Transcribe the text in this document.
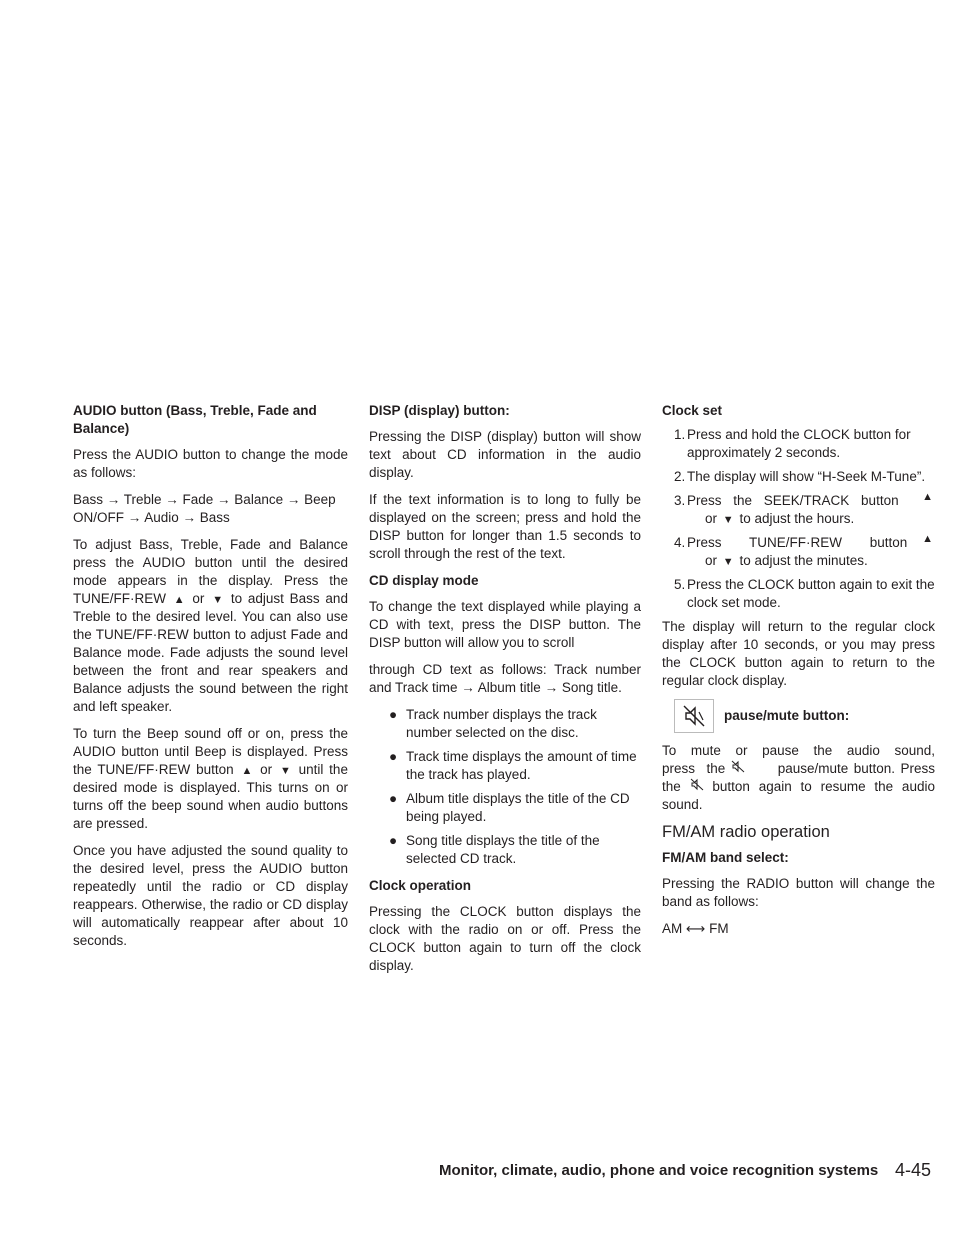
AUDIO button (Bass, Treble, Fade and Balance)

Press the AUDIO button to change the mode as follows:

Bass → Treble → Fade → Balance → Beep ON/OFF → Audio → Bass

To adjust Bass, Treble, Fade and Balance press the AUDIO button until the desired mode appears in the display. Press the TUNE/FF·REW ▲ or ▼ to adjust Bass and Treble to the desired level. You can also use the TUNE/FF·REW button to adjust Fade and Balance mode. Fade adjusts the sound level between the front and rear speakers and Balance adjusts the sound between the right and left speaker.

To turn the Beep sound off or on, press the AUDIO button until Beep is displayed. Press the TUNE/FF·REW button ▲ or ▼ until the desired mode is displayed. This turns on or turns off the beep sound when audio buttons are pressed.

Once you have adjusted the sound quality to the desired level, press the AUDIO button repeatedly until the radio or CD display reappears. Otherwise, the radio or CD display will automatically reappear after about 10 seconds.

DISP (display) button:

Pressing the DISP (display) button will show text about CD information in the audio display.

If the text information is to long to fully be displayed on the screen; press and hold the DISP button for longer than 1.5 seconds to scroll through the rest of the text.

CD display mode

To change the text displayed while playing a CD with text, press the DISP button. The DISP button will allow you to scroll

through CD text as follows: Track number and Track time → Album title → Song title.

● Track number displays the track number selected on the disc.
● Track time displays the amount of time the track has played.
● Album title displays the title of the CD being played.
● Song title displays the title of the selected CD track.

Clock operation

Pressing the CLOCK button displays the clock with the radio on or off. Press the CLOCK button again to turn off the clock display.

Clock set

1. Press and hold the CLOCK button for approximately 2 seconds.
2. The display will show “H-Seek M-Tune”.
3. Press the SEEK/TRACK button ▲
or ▼ to adjust the hours.
4. Press TUNE/FF·REW button ▲
or ▼ to adjust the minutes.
5. Press the CLOCK button again to exit the clock set mode.

The display will return to the regular clock display after 10 seconds, or you may press the CLOCK button again to return to the regular clock display.

pause/mute button:

To mute or pause the audio sound, press the	pause/mute button. Press the button again to resume the audio sound.

FM/AM radio operation

FM/AM band select:

Pressing the RADIO button will change the band as follows:

AM ⟷ FM

Monitor, climate, audio, phone and voice recognition systems 4-45
